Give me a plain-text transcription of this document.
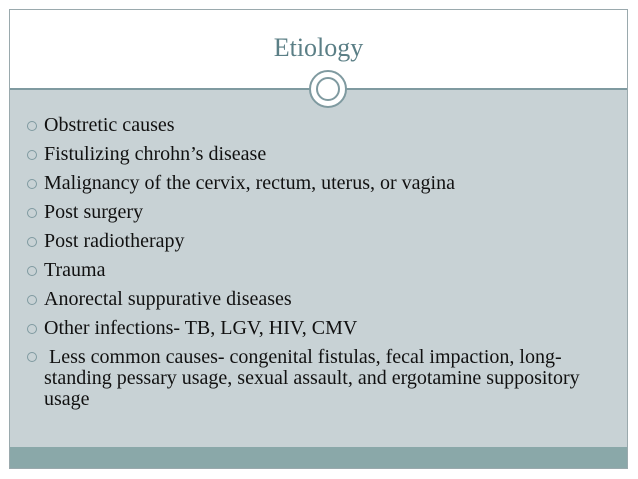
Etiology
Obstretic causes
Fistulizing chrohn’s disease
Malignancy of the cervix, rectum, uterus, or vagina
Post surgery
Post radiotherapy
Trauma
Anorectal suppurative diseases
Other infections- TB, LGV, HIV, CMV
Less common causes- congenital fistulas, fecal impaction, long-standing pessary usage, sexual assault, and ergotamine suppository usage
